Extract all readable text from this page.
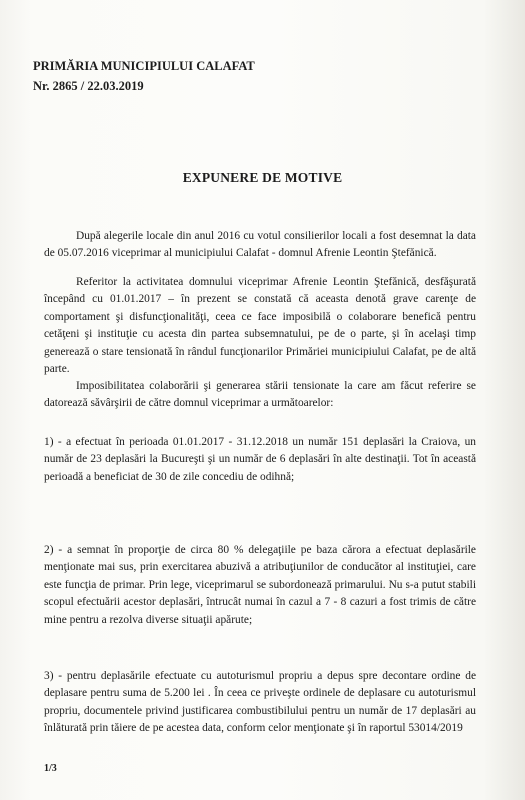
PRIMĂRIA MUNICIPIULUI CALAFAT
Nr. 2865 / 22.03.2019
EXPUNERE DE MOTIVE

După alegerile locale din anul 2016 cu votul consilierilor locali a fost desemnat la data de 05.07.2016 viceprimar al municipiului Calafat - domnul Afrenie Leontin Ştefănică.

Referitor la activitatea domnului viceprimar Afrenie Leontin Ştefănică, desfăşurată începând cu 01.01.2017 – în prezent se constată că aceasta denotă grave carenţe de comportament şi disfuncţionalităţi, ceea ce face imposibilă o colaborare benefică pentru cetăţeni şi instituţie cu acesta din partea subsemnatului, pe de o parte, şi în acelaşi timp generează o stare tensionată în rândul funcţionarilor Primăriei municipiului Calafat, pe de altă parte.

Imposibilitatea colaborării şi generarea stării tensionate la care am făcut referire se datorează săvârşirii de către domnul viceprimar a următoarelor:

1) - a efectuat în perioada 01.01.2017 - 31.12.2018 un număr 151 deplasări la Craiova, un număr de 23 deplasări la Bucureşti şi un număr de 6 deplasări în alte destinaţii. Tot în această perioadă a beneficiat de 30 de zile concediu de odihnă;

2) - a semnat în proporţie de circa 80 % delegaţiile pe baza cărora a efectuat deplasările menţionate mai sus, prin exercitarea abuzivă a atribuţiunilor de conducător al instituţiei, care este funcţia de primar. Prin lege, viceprimarul se subordonează primarului. Nu s-a putut stabili scopul efectuării acestor deplasări, întrucât numai în cazul a 7 - 8 cazuri a fost trimis de către mine pentru a rezolva diverse situaţii apărute;

3) - pentru deplasările efectuate cu autoturismul propriu a depus spre decontare ordine de deplasare pentru suma de 5.200 lei . În ceea ce priveşte ordinele de deplasare cu autoturismul propriu, documentele privind justificarea combustibilului pentru un număr de 17 deplasări au înlăturată prin tăiere de pe acestea data, conform celor menţionate şi în raportul 53014/2019

1/3
